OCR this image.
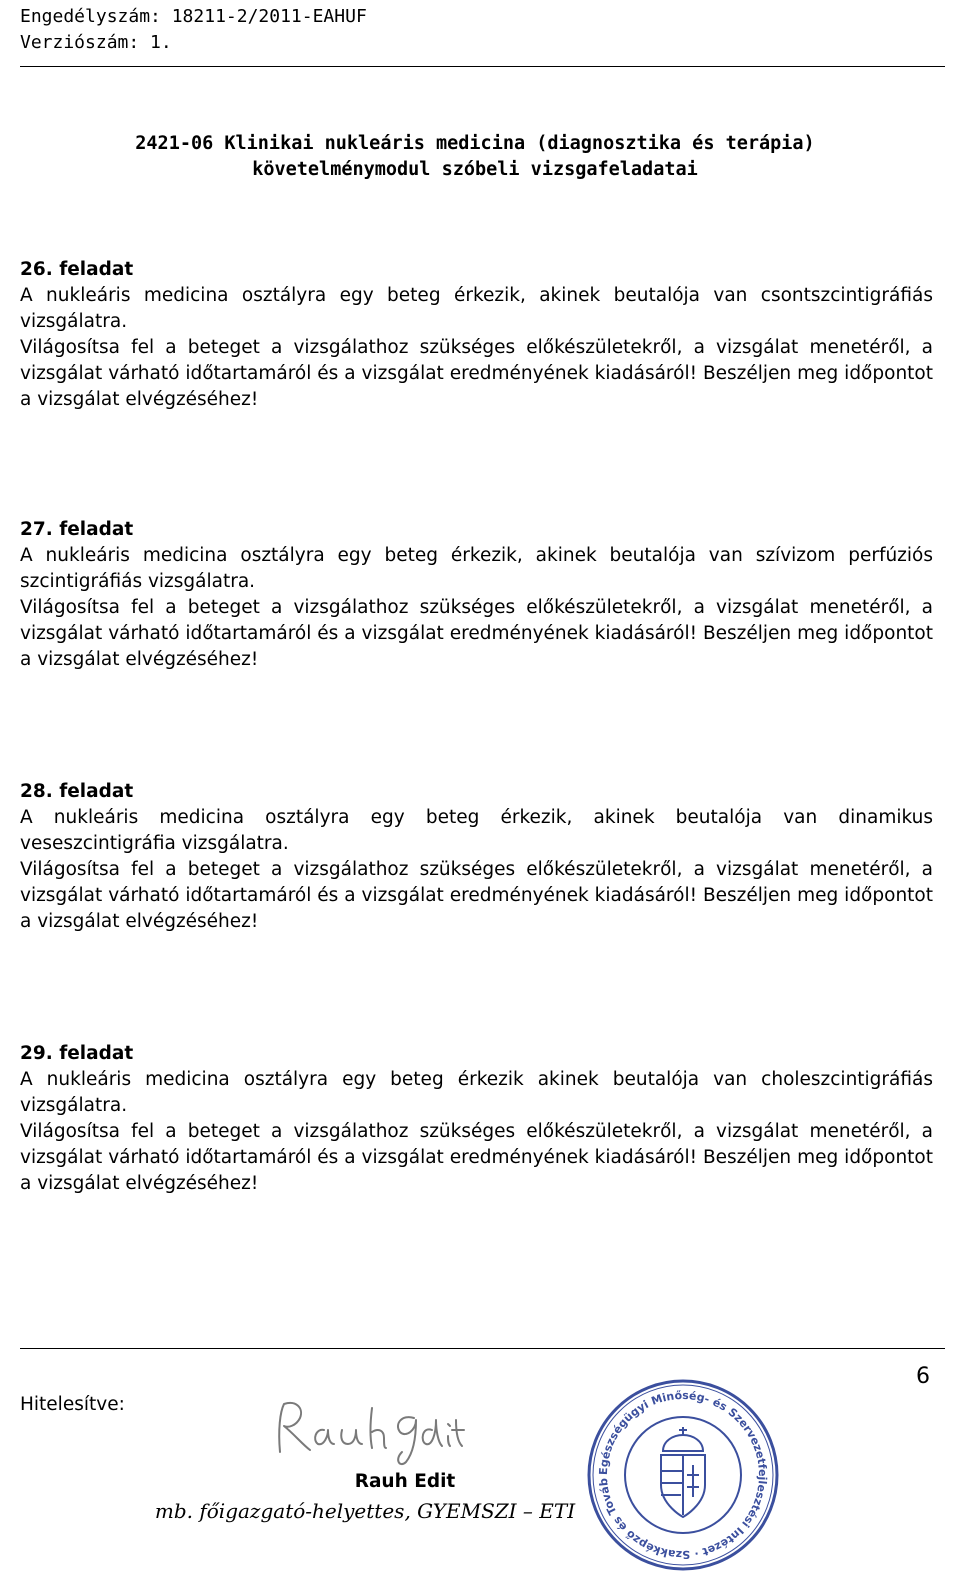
Engedélyszám: 18211-2/2011-EAHUF
Verziószám: 1.
2421-06 Klinikai nukleáris medicina (diagnosztika és terápia)
követelménymodul szóbeli vizsgafeladatai
26. feladat

A nukleáris medicina osztályra egy beteg érkezik, akinek beutalója van csontszcintigráfiás vizsgálatra.

Világosítsa fel a beteget a vizsgálathoz szükséges előkészületekről, a vizsgálat menetéről, a vizsgálat várható időtartamáról és a vizsgálat eredményének kiadásáról! Beszéljen meg időpontot a vizsgálat elvégzéséhez!

27. feladat

A nukleáris medicina osztályra egy beteg érkezik, akinek beutalója van szívizom perfúziós szcintigráfiás vizsgálatra.

Világosítsa fel a beteget a vizsgálathoz szükséges előkészületekről, a vizsgálat menetéről, a vizsgálat várható időtartamáról és a vizsgálat eredményének kiadásáról! Beszéljen meg időpontot a vizsgálat elvégzéséhez!

28. feladat

A nukleáris medicina osztályra egy beteg érkezik, akinek beutalója van dinamikus veseszcintigráfia vizsgálatra.

Világosítsa fel a beteget a vizsgálathoz szükséges előkészületekről, a vizsgálat menetéről, a vizsgálat várható időtartamáról és a vizsgálat eredményének kiadásáról! Beszéljen meg időpontot a vizsgálat elvégzéséhez!

29. feladat

A nukleáris medicina osztályra egy beteg érkezik akinek beutalója van choleszcintigráfiás vizsgálatra.

Világosítsa fel a beteget a vizsgálathoz szükséges előkészületekről, a vizsgálat menetéről, a vizsgálat várható időtartamáról és a vizsgálat eredményének kiadásáról! Beszéljen meg időpontot a vizsgálat elvégzéséhez!

6
Hitelesítve:
Rauh Edit
mb. főigazgató-helyettes, GYEMSZI – ETI
Egészségügyi Minőség- és Szervezetfejlesztési Intézet · Szakképző és Továb
